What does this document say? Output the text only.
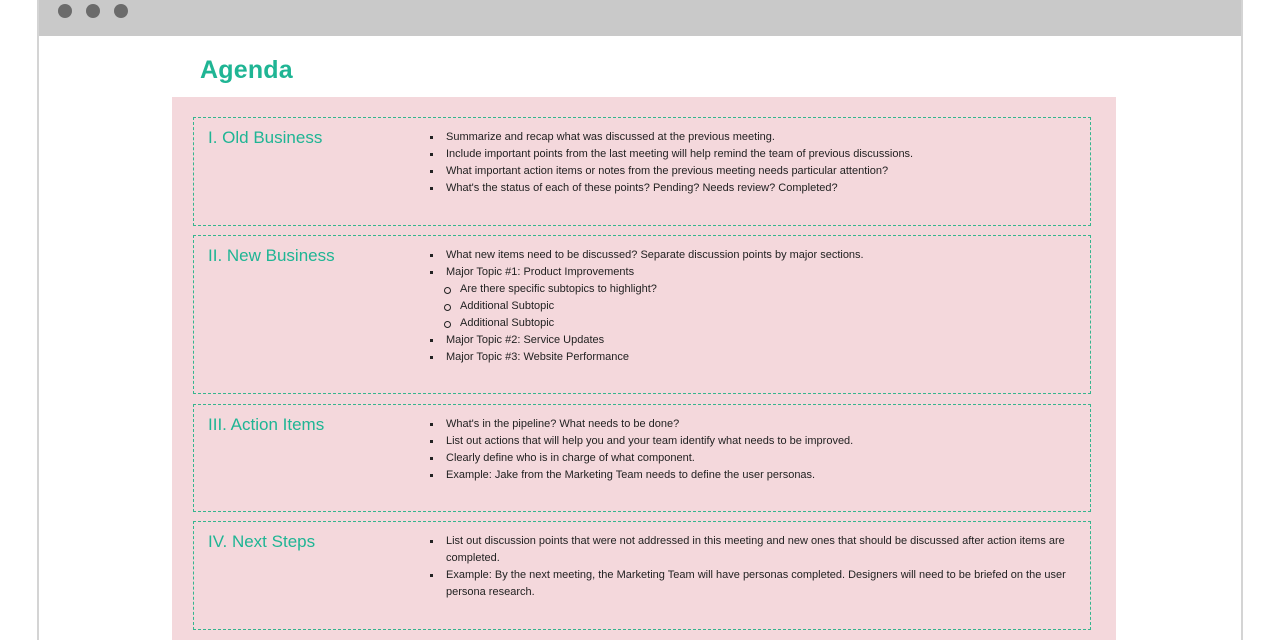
Agenda
I. Old Business	Summarize and recap what was discussed at the previous meeting.
Include important points from the last meeting will help remind the team of previous discussions.
What important action items or notes from the previous meeting needs particular attention?
What's the status of each of these points? Pending? Needs review? Completed?
II. New Business	What new items need to be discussed? Separate discussion points by major sections.
Major Topic #1: Product Improvements
Are there specific subtopics to highlight?
Additional Subtopic
Additional Subtopic
Major Topic #2: Service Updates
Major Topic #3: Website Performance
III. Action Items	What's in the pipeline? What needs to be done?
List out actions that will help you and your team identify what needs to be improved.
Clearly define who is in charge of what component.
Example: Jake from the Marketing Team needs to define the user personas.
IV. Next Steps	List out discussion points that were not addressed in this meeting and new ones that should be discussed after action items are completed.
Example: By the next meeting, the Marketing Team will have personas completed. Designers will need to be briefed on the user persona research.
